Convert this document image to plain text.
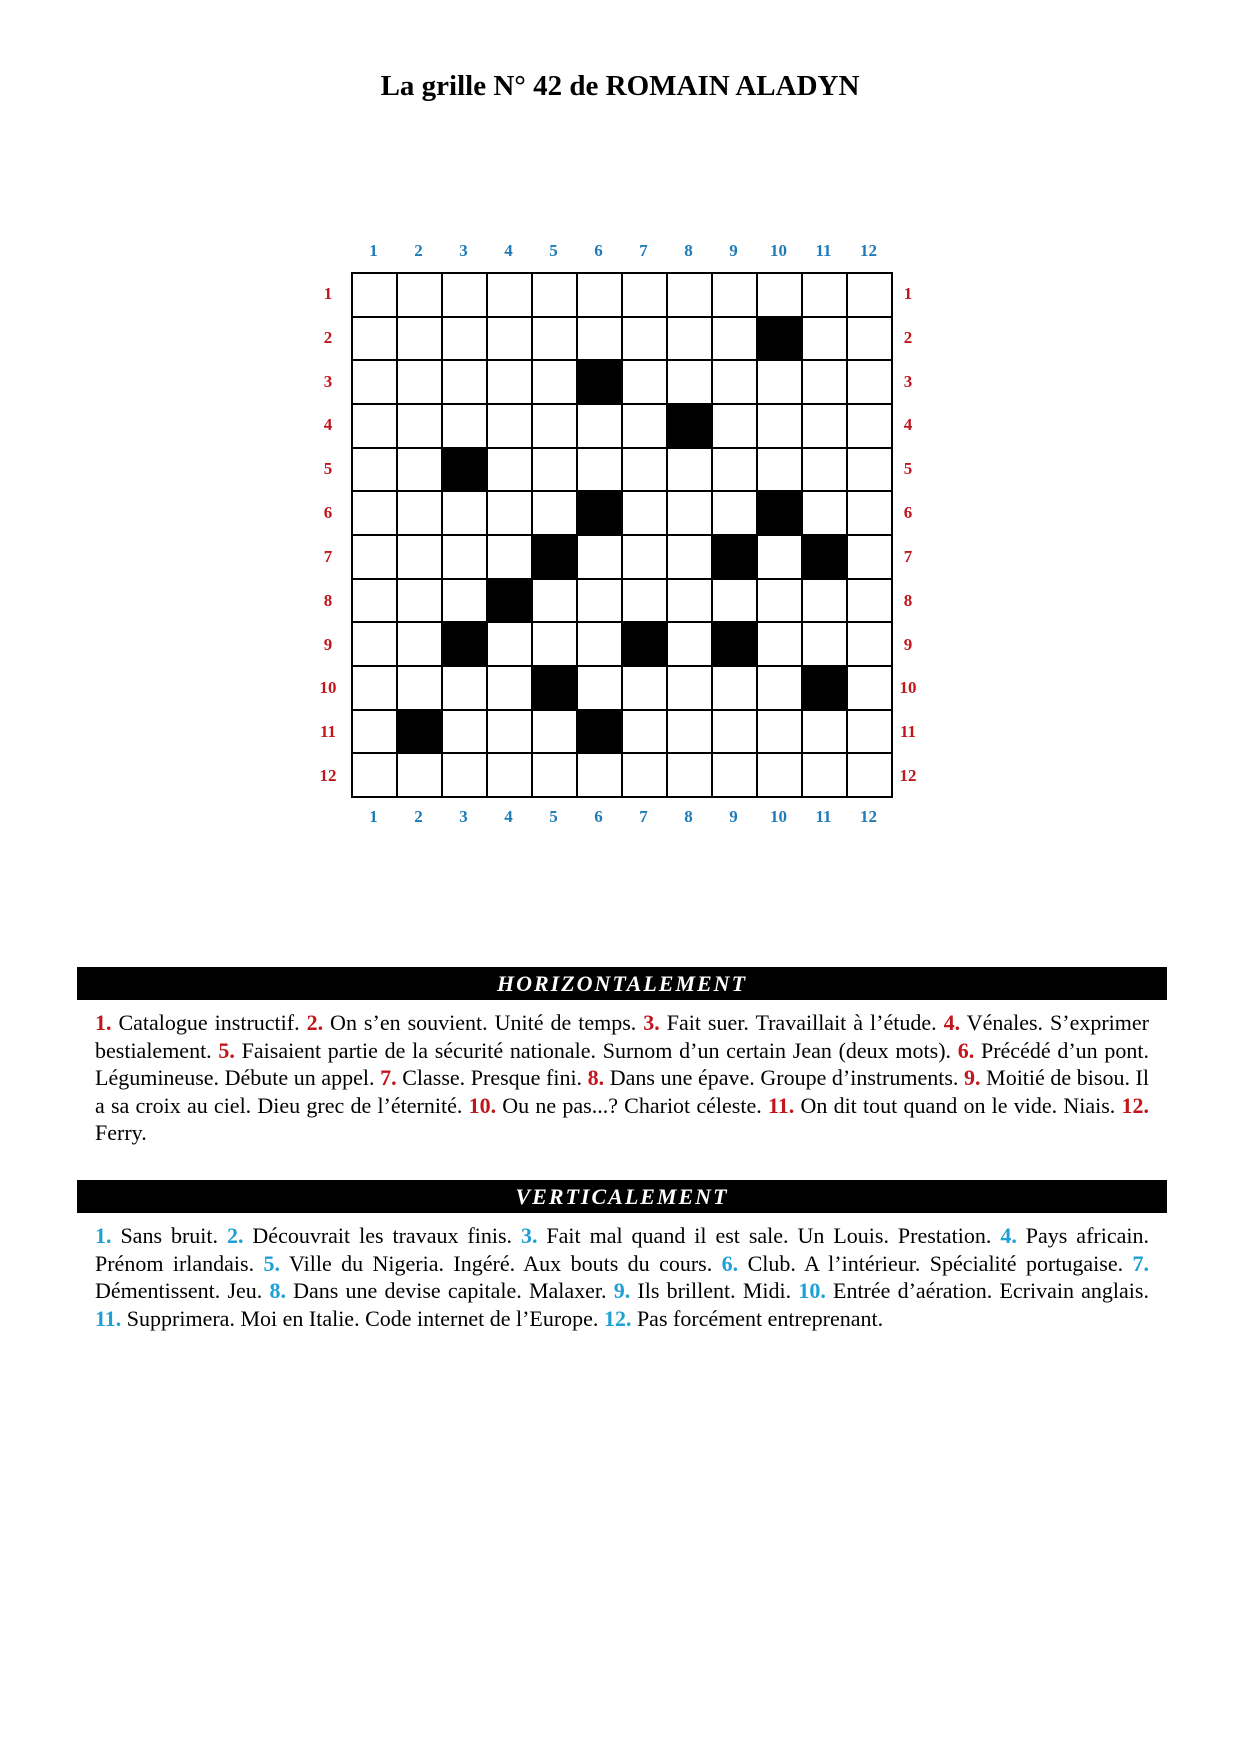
La grille N° 42 de ROMAIN ALADYN
1
1
2
2
3
3
4
4
5
5
6
6
7
7
8
8
9
9
10
10
11
11
12
12
1	1
2	2
3	3
4	4
5	5
6	6
7	7
8	8
9	9
10	10
11	11
12	12
HORIZONTALEMENT
1. Catalogue instructif. 2. On s’en souvient. Unité de temps. 3. Fait suer. Travaillait à l’étude. 4. Vénales. S’exprimer bestialement. 5. Faisaient partie de la sécurité nationale. Surnom d’un certain Jean (deux mots). 6. Précédé d’un pont. Légumineuse. Débute un appel. 7. Classe. Presque fini. 8. Dans une épave. Groupe d’instruments. 9. Moitié de bisou. Il a sa croix au ciel. Dieu grec de l’éternité. 10. Ou ne pas...? Chariot céleste. 11. On dit tout quand on le vide. Niais. 12. Ferry.
VERTICALEMENT
1. Sans bruit. 2. Découvrait les travaux finis. 3. Fait mal quand il est sale. Un Louis. Prestation. 4. Pays africain. Prénom irlandais. 5. Ville du Nigeria. Ingéré. Aux bouts du cours. 6. Club. A l’intérieur. Spécialité portugaise. 7. Démentissent. Jeu. 8. Dans une devise capitale. Malaxer. 9. Ils brillent. Midi. 10. Entrée d’aération. Ecrivain anglais. 11. Supprimera. Moi en Italie. Code internet de l’Europe. 12. Pas forcément entreprenant.
